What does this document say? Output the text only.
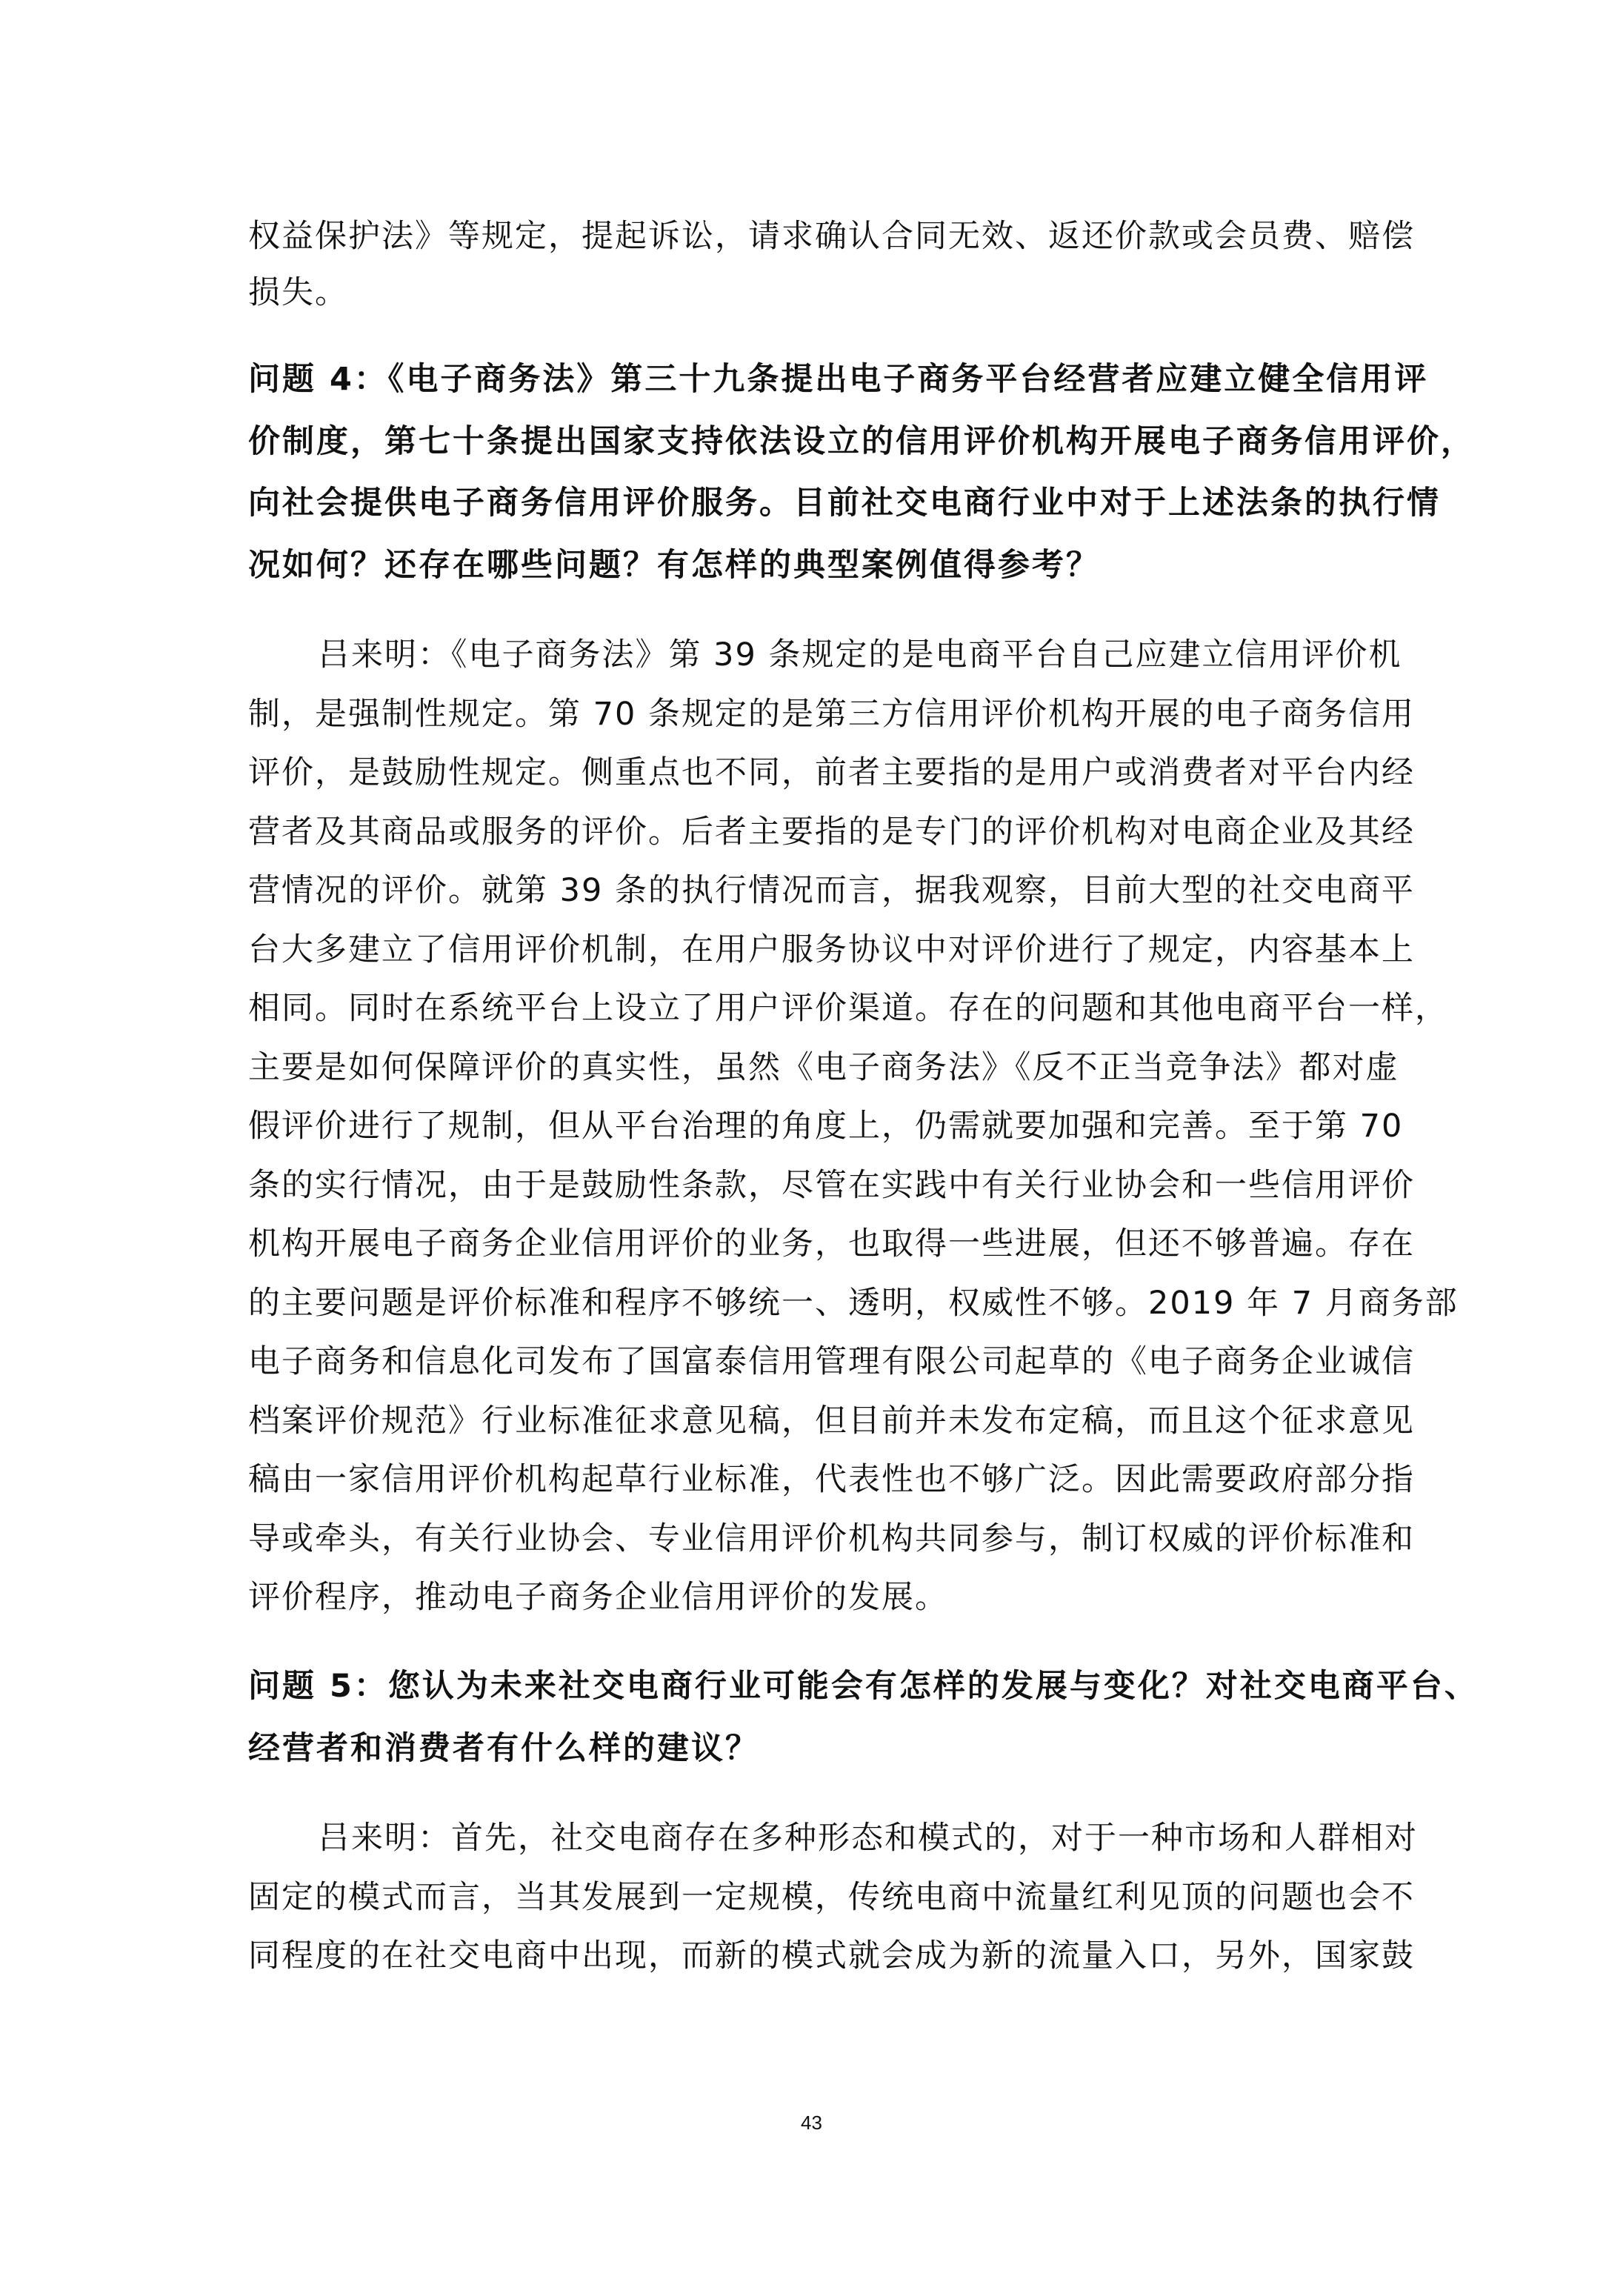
权益保护法》等规定，提起诉讼，请求确认合同无效、返还价款或会员费、赔偿
损失。
问题 4：《电子商务法》第三十九条提出电子商务平台经营者应建立健全信用评
价制度，第七十条提出国家支持依法设立的信用评价机构开展电子商务信用评价，
向社会提供电子商务信用评价服务。目前社交电商行业中对于上述法条的执行情
况如何？还存在哪些问题？有怎样的典型案例值得参考？
吕来明：《电子商务法》第 39 条规定的是电商平台自己应建立信用评价机
制，是强制性规定。第 70 条规定的是第三方信用评价机构开展的电子商务信用
评价，是鼓励性规定。侧重点也不同，前者主要指的是用户或消费者对平台内经
营者及其商品或服务的评价。后者主要指的是专门的评价机构对电商企业及其经
营情况的评价。就第 39 条的执行情况而言，据我观察，目前大型的社交电商平
台大多建立了信用评价机制，在用户服务协议中对评价进行了规定，内容基本上
相同。同时在系统平台上设立了用户评价渠道。存在的问题和其他电商平台一样，
主要是如何保障评价的真实性，虽然《电子商务法》《反不正当竞争法》都对虚
假评价进行了规制，但从平台治理的角度上，仍需就要加强和完善。至于第 70
条的实行情况，由于是鼓励性条款，尽管在实践中有关行业协会和一些信用评价
机构开展电子商务企业信用评价的业务，也取得一些进展，但还不够普遍。存在
的主要问题是评价标准和程序不够统一、透明，权威性不够。2019 年 7 月商务部
电子商务和信息化司发布了国富泰信用管理有限公司起草的《电子商务企业诚信
档案评价规范》行业标准征求意见稿，但目前并未发布定稿，而且这个征求意见
稿由一家信用评价机构起草行业标准，代表性也不够广泛。因此需要政府部分指
导或牵头，有关行业协会、专业信用评价机构共同参与，制订权威的评价标准和
评价程序，推动电子商务企业信用评价的发展。
问题 5：您认为未来社交电商行业可能会有怎样的发展与变化？对社交电商平台、
经营者和消费者有什么样的建议？
吕来明：首先，社交电商存在多种形态和模式的，对于一种市场和人群相对
固定的模式而言，当其发展到一定规模，传统电商中流量红利见顶的问题也会不
同程度的在社交电商中出现，而新的模式就会成为新的流量入口，另外，国家鼓
43
